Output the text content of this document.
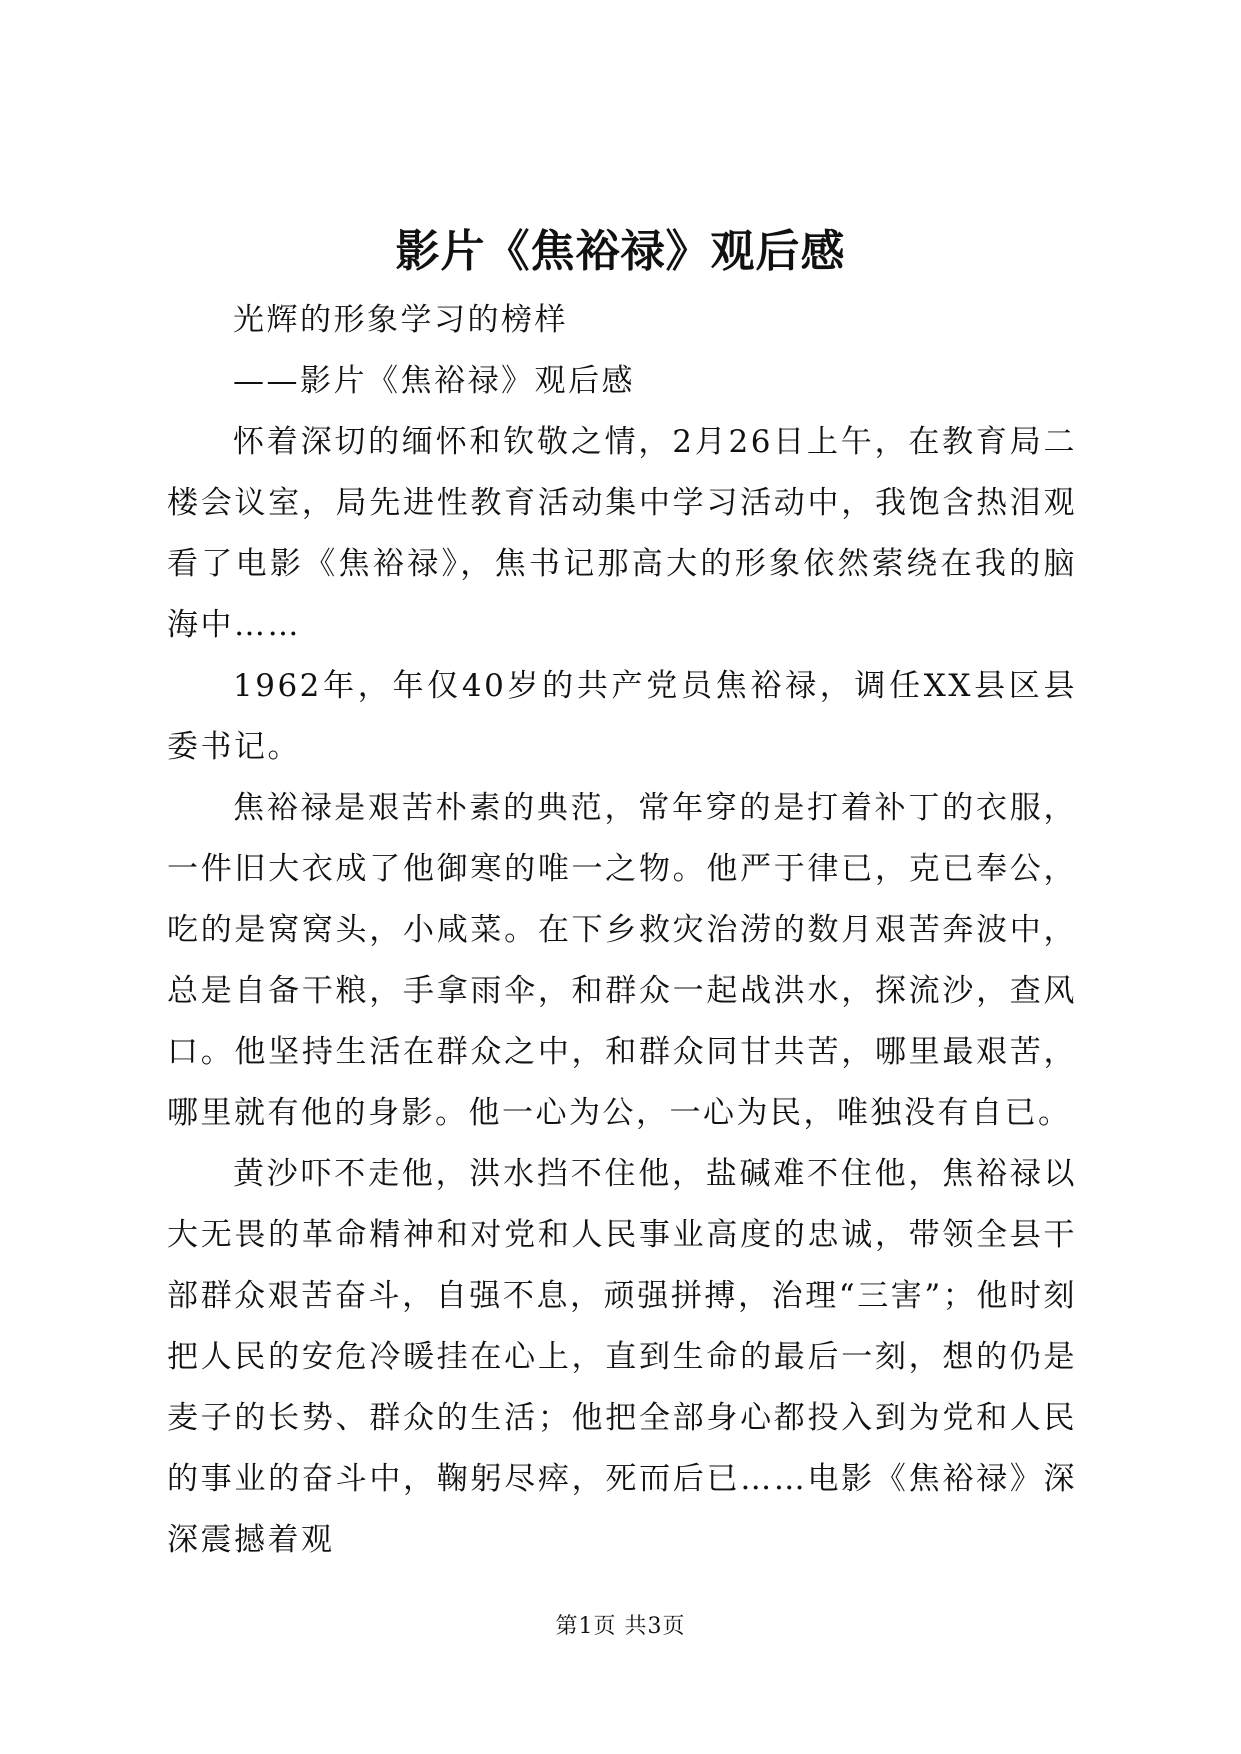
影片《焦裕禄》观后感

光辉的形象学习的榜样

——影片《焦裕禄》观后感

怀着深切的缅怀和钦敬之情，2月26日上午，在教育局二楼会议室，局先进性教育活动集中学习活动中，我饱含热泪观看了电影《焦裕禄》，焦书记那高大的形象依然萦绕在我的脑海中……

1962年，年仅40岁的共产党员焦裕禄，调任XX县区县委书记。

焦裕禄是艰苦朴素的典范，常年穿的是打着补丁的衣服，一件旧大衣成了他御寒的唯一之物。他严于律已，克已奉公，吃的是窝窝头，小咸菜。在下乡救灾治涝的数月艰苦奔波中，总是自备干粮，手拿雨伞，和群众一起战洪水，探流沙，查风口。他坚持生活在群众之中，和群众同甘共苦，哪里最艰苦，哪里就有他的身影。他一心为公，一心为民，唯独没有自已。

黄沙吓不走他，洪水挡不住他，盐碱难不住他，焦裕禄以大无畏的革命精神和对党和人民事业高度的忠诚，带领全县干部群众艰苦奋斗，自强不息，顽强拼搏，治理“三害”；他时刻把人民的安危冷暖挂在心上，直到生命的最后一刻，想的仍是麦子的长势、群众的生活；他把全部身心都投入到为党和人民的事业的奋斗中，鞠躬尽瘁，死而后已……电影《焦裕禄》深深震撼着观

第1页 共3页
